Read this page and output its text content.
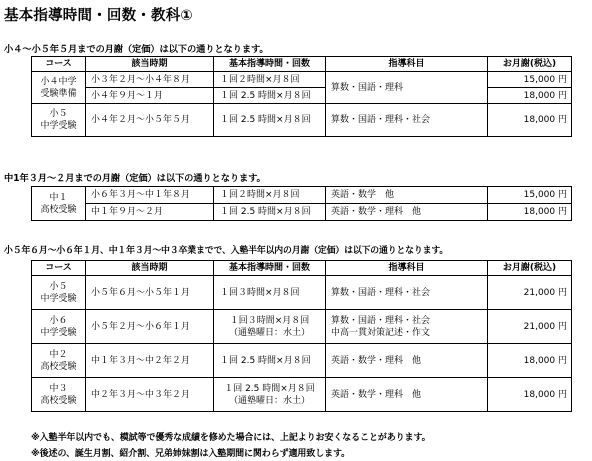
基本指導時間・回数・教科①
小４〜小５年５月までの月謝（定価）は以下の通りとなります。
コース	該当時期	基本指導時間・回数	指導科目	お月謝(税込)

小４中学
受験準備	小３年２月〜小４年８月	１回２時間×月８回	算数・国語・理科	15,000 円
	小４年９月〜１月	１回 2.5 時間×月８回		18,000 円

小５
中学受験	小４年２月〜小５年５月	１回 2.5 時間×月８回	算数・国語・理科・社会	18,000 円
中1年３月〜２月までの月謝（定価）は以下の通りとなります。
中１
高校受験	小６年３月〜中１年８月	１回２時間×月８回	英語・数学　他	15,000 円
	中１年９月〜２月	１回 2.5 時間×月８回	英語・数学・理科　他	18,000 円
小５年６月〜小６年１月、中１年３月〜中３卒業までで、入塾半年以内の月謝（定価）は以下の通りとなります。
コース	該当時期	基本指導時間・回数	指導科目	お月謝(税込)

小５
中学受験	小５年６月〜小５年１月	１回３時間×月８回	算数・国語・理科・社会	21,000 円

小６
中学受験	小５年２月〜小６年１月	１回３時間×月８回
（通塾曜日：水土）	算数・国語・理科・社会
中高一貫対策記述・作文	21,000 円

中２
高校受験	中１年３月〜中２年２月	１回 2.5 時間×月８回	英語・数学・理科　他	18,000 円

中３
高校受験	中２年３月〜中３年２月	１回 2.5 時間×月８回
（通塾曜日：水土）	英語・数学・理科　他	18,000 円
※入塾半年以内でも、模試等で優秀な成績を修めた場合には、上記よりお安くなることがあります。
※後述の、誕生月割、紹介割、兄弟姉妹割は入塾期間に関わらず適用致します。
